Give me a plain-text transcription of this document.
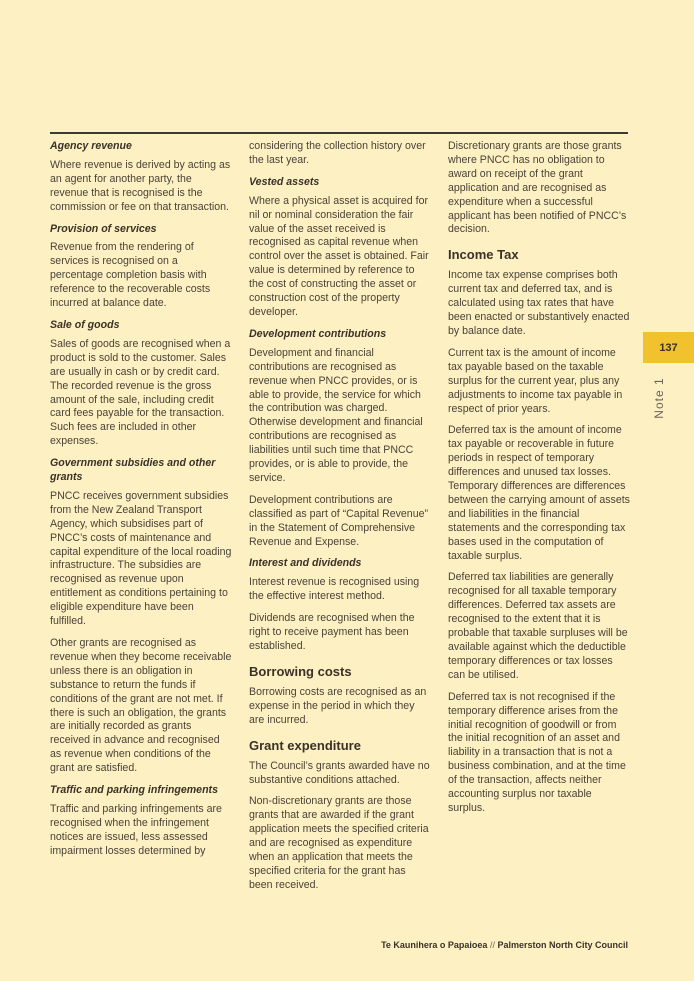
Agency revenue

Where revenue is derived by acting as an agent for another party, the revenue that is recognised is the commission or fee on that transaction.

Provision of services

Revenue from the rendering of services is recognised on a percentage completion basis with reference to the recoverable costs incurred at balance date.

Sale of goods

Sales of goods are recognised when a product is sold to the customer. Sales are usually in cash or by credit card. The recorded revenue is the gross amount of the sale, including credit card fees payable for the transaction. Such fees are included in other expenses.

Government subsidies and other grants

PNCC receives government subsidies from the New Zealand Transport Agency, which subsidises part of PNCC’s costs of maintenance and capital expenditure of the local roading infrastructure. The subsidies are recognised as revenue upon entitlement as conditions pertaining to eligible expenditure have been fulfilled.

Other grants are recognised as revenue when they become receivable unless there is an obligation in substance to return the funds if conditions of the grant are not met. If there is such an obligation, the grants are initially recorded as grants received in advance and recognised as revenue when conditions of the grant are satisfied.

Traffic and parking infringements

Traffic and parking infringements are recognised when the infringement notices are issued, less assessed impairment losses determined by

considering the collection history over the last year.

Vested assets

Where a physical asset is acquired for nil or nominal consideration the fair value of the asset received is recognised as capital revenue when control over the asset is obtained. Fair value is determined by reference to the cost of constructing the asset or construction cost of the property developer.

Development contributions

Development and financial contributions are recognised as revenue when PNCC provides, or is able to provide, the service for which the contribution was charged. Otherwise development and financial contributions are recognised as liabilities until such time that PNCC provides, or is able to provide, the service.

Development contributions are classified as part of “Capital Revenue” in the Statement of Comprehensive Revenue and Expense.

Interest and dividends

Interest revenue is recognised using the effective interest method.

Dividends are recognised when the right to receive payment has been established.

Borrowing costs

Borrowing costs are recognised as an expense in the period in which they are incurred.

Grant expenditure

The Council’s grants awarded have no substantive conditions attached.

Non-discretionary grants are those grants that are awarded if the grant application meets the specified criteria and are recognised as expenditure when an application that meets the specified criteria for the grant has been received.

Discretionary grants are those grants where PNCC has no obligation to award on receipt of the grant application and are recognised as expenditure when a successful applicant has been notified of PNCC’s decision.

Income Tax

Income tax expense comprises both current tax and deferred tax, and is calculated using tax rates that have been enacted or substantively enacted by balance date.

Current tax is the amount of income tax payable based on the taxable surplus for the current year, plus any adjustments to income tax payable in respect of prior years.

Deferred tax is the amount of income tax payable or recoverable in future periods in respect of temporary differences and unused tax losses. Temporary differences are differences between the carrying amount of assets and liabilities in the financial statements and the corresponding tax bases used in the computation of taxable surplus.

Deferred tax liabilities are generally recognised for all taxable temporary differences. Deferred tax assets are recognised to the extent that it is probable that taxable surpluses will be available against which the deductible temporary differences or tax losses can be utilised.

Deferred tax is not recognised if the temporary difference arises from the initial recognition of goodwill or from the initial recognition of an asset and liability in a transaction that is not a business combination, and at the time of the transaction, affects neither accounting surplus nor taxable surplus.

137
Note 1
Te Kaunihera o Papaioea // Palmerston North City Council
